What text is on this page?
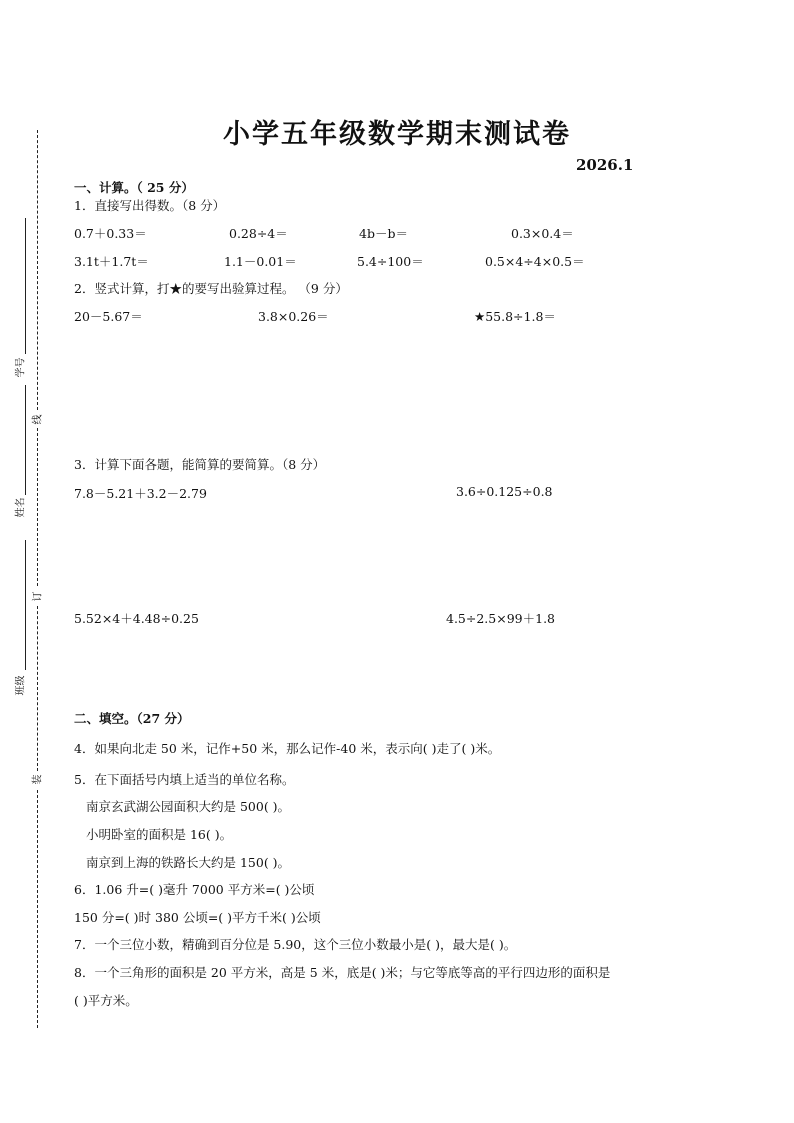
线
订
装
学号
姓名
班级
小学五年级数学期末测试卷
2026.1
一、计算。（ 25 分）
1．直接写出得数。（8 分）
0.7＋0.33＝	0.28÷4＝	4b－b＝	0.3×0.4＝
3.1t＋1.7t＝	1.1－0.01＝	5.4÷100＝	0.5×4÷4×0.5＝
2．竖式计算，打★的要写出验算过程。 （9 分）
20－5.67＝	3.8×0.26＝	★55.8÷1.8＝
3．计算下面各题，能简算的要简算。（8 分）
7.8－5.21＋3.2－2.79	3.6÷0.125÷0.8
5.52×4＋4.48÷0.25	4.5÷2.5×99＋1.8
二、填空。（27 分）
4．如果向北走 50 米，记作+50 米，那么记作-40 米，表示向( )走了( )米。
5．在下面括号内填上适当的单位名称。
南京玄武湖公园面积大约是 500( )。
小明卧室的面积是 16( )。
南京到上海的铁路长大约是 150( )。
6．1.06 升=( )毫升 7000 平方米=( )公顷
150 分=( )时 380 公顷=( )平方千米( )公顷
7．一个三位小数，精确到百分位是 5.90，这个三位小数最小是( )，最大是( )。
8．一个三角形的面积是 20 平方米，高是 5 米，底是( )米；与它等底等高的平行四边形的面积是
( )平方米。
